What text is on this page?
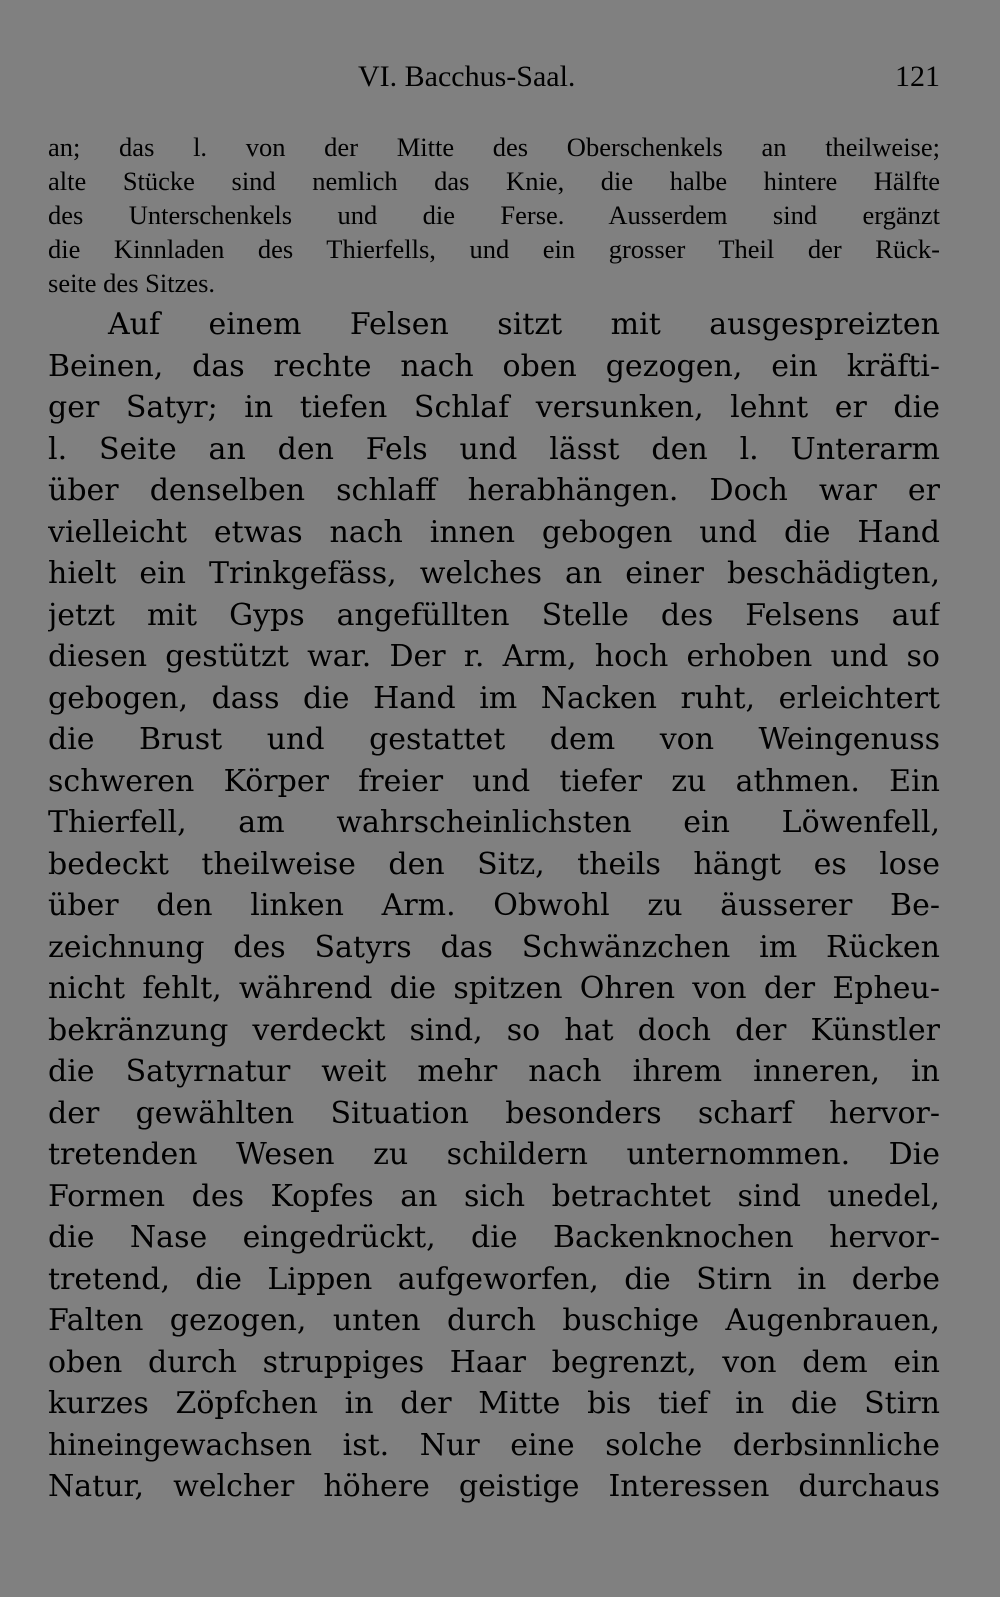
VI. Bacchus-Saal.	121
an; das l. von der Mitte des Oberschenkels an theilweise;
alte Stücke sind nemlich das Knie, die halbe hintere Hälfte
des Unterschenkels und die Ferse. Ausserdem sind ergänzt
die Kinnladen des Thierfells, und ein grosser Theil der Rück-
seite des Sitzes.
Auf einem Felsen sitzt mit ausgespreizten
Beinen, das rechte nach oben gezogen, ein kräfti-
ger Satyr; in tiefen Schlaf versunken, lehnt er die
l. Seite an den Fels und lässt den l. Unterarm
über denselben schlaff herabhängen. Doch war er
vielleicht etwas nach innen gebogen und die Hand
hielt ein Trinkgefäss, welches an einer beschädigten,
jetzt mit Gyps angefüllten Stelle des Felsens auf
diesen gestützt war. Der r. Arm, hoch erhoben und so
gebogen, dass die Hand im Nacken ruht, erleichtert
die Brust und gestattet dem von Weingenuss
schweren Körper freier und tiefer zu athmen. Ein
Thierfell, am wahrscheinlichsten ein Löwenfell,
bedeckt theilweise den Sitz, theils hängt es lose
über den linken Arm. Obwohl zu äusserer Be-
zeichnung des Satyrs das Schwänzchen im Rücken
nicht fehlt, während die spitzen Ohren von der Epheu-
bekränzung verdeckt sind, so hat doch der Künstler
die Satyrnatur weit mehr nach ihrem inneren, in
der gewählten Situation besonders scharf hervor-
tretenden Wesen zu schildern unternommen. Die
Formen des Kopfes an sich betrachtet sind unedel,
die Nase eingedrückt, die Backenknochen hervor-
tretend, die Lippen aufgeworfen, die Stirn in derbe
Falten gezogen, unten durch buschige Augenbrauen,
oben durch struppiges Haar begrenzt, von dem ein
kurzes Zöpfchen in der Mitte bis tief in die Stirn
hineingewachsen ist. Nur eine solche derbsinnliche
Natur, welcher höhere geistige Interessen durchaus
